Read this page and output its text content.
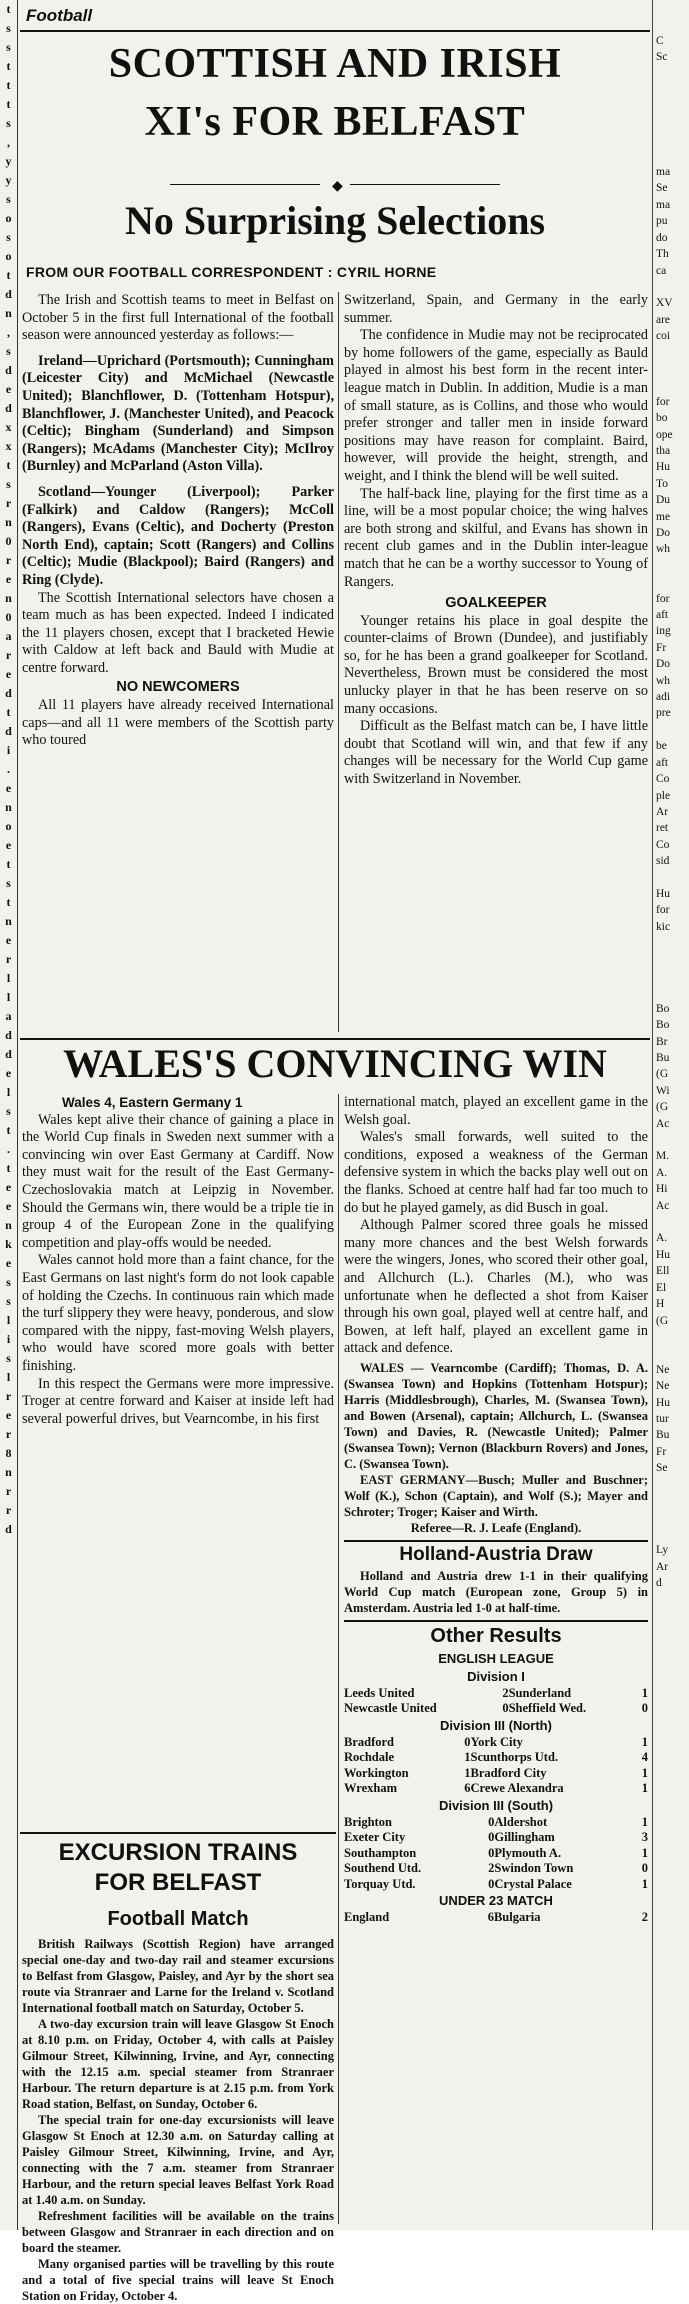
t
s
s
t
t
t
s
,
y
y
s
o
s
o
t
d
n
,
s
d
e
d
x
x
t
s
r
n
0
r
e
n
0
a
r
e
d
t
d
i
.
e
n
o
e
t
s
t
n
e
r
l
l
a
d
d
e
l
s
t
.
t
e
e
n
k
e
s
s
l
i
s
l
r
e
r
8
n
r
r
d

C
Sc

ma
Se
ma
pu
do
Th
ca

XV
are
coi

for
bo
ope
tha
Hu
To
Du
me
Do
wh

for
aft
ing
Fr
Do
wh
adi
pre

be
aft
Co
ple
Ar
ret
Co
sid

Hu
for
kic

Bo
Bo
Br
Bu
(G
Wi
(G
Ac

M.
A.
Hi
Ac

A.
Hu
Ell
El
H
(G

Ne
Ne
Hu
tur
Bu
Fr
Se

Ly
Ar
d
Football
SCOTTISH AND IRISH
XI's FOR BELFAST
◆
No Surprising Selections
FROM OUR FOOTBALL CORRESPONDENT : CYRIL HORNE

The Irish and Scottish teams to meet in Belfast on October 5 in the first full International of the football season were announced yesterday as follows:—

Ireland—Uprichard (Portsmouth); Cunningham (Leicester City) and McMichael (Newcastle United); Blanchflower, D. (Tottenham Hotspur), Blanchflower, J. (Manchester United), and Peacock (Celtic); Bingham (Sunderland) and Simpson (Rangers); McAdams (Manchester City); McIlroy (Burnley) and McParland (Aston Villa).

Scotland—Younger (Liverpool); Parker (Falkirk) and Caldow (Rangers); McColl (Rangers), Evans (Celtic), and Docherty (Preston North End), captain; Scott (Rangers) and Collins (Celtic); Mudie (Blackpool); Baird (Rangers) and Ring (Clyde).

The Scottish International selectors have chosen a team much as has been expected. Indeed I indicated the 11 players chosen, except that I bracketed Hewie with Caldow at left back and Bauld with Mudie at centre forward.

NO NEWCOMERS

All 11 players have already received International caps—and all 11 were members of the Scottish party who toured

Switzerland, Spain, and Germany in the early summer.

The confidence in Mudie may not be reciprocated by home followers of the game, especially as Bauld played in almost his best form in the recent inter-league match in Dublin. In addition, Mudie is a man of small stature, as is Collins, and those who would prefer stronger and taller men in inside forward positions may have reason for complaint. Baird, however, will provide the height, strength, and weight, and I think the blend will be well suited.

The half-back line, playing for the first time as a line, will be a most popular choice; the wing halves are both strong and skilful, and Evans has shown in recent club games and in the Dublin inter-league match that he can be a worthy successor to Young of Rangers.

GOALKEEPER

Younger retains his place in goal despite the counter-claims of Brown (Dundee), and justifiably so, for he has been a grand goalkeeper for Scotland. Nevertheless, Brown must be considered the most unlucky player in that he has been reserve on so many occasions.

Difficult as the Belfast match can be, I have little doubt that Scotland will win, and that few if any changes will be necessary for the World Cup game with Switzerland in November.

WALES'S CONVINCING WIN

Wales 4, Eastern Germany 1

Wales kept alive their chance of gaining a place in the World Cup finals in Sweden next summer with a convincing win over East Germany at Cardiff. Now they must wait for the result of the East Germany-Czechoslovakia match at Leipzig in November. Should the Germans win, there would be a triple tie in group 4 of the European Zone in the qualifying competition and play-offs would be needed.

Wales cannot hold more than a faint chance, for the East Germans on last night's form do not look capable of holding the Czechs. In continuous rain which made the turf slippery they were heavy, ponderous, and slow compared with the nippy, fast-moving Welsh players, who would have scored more goals with better finishing.

In this respect the Germans were more impressive. Troger at centre forward and Kaiser at inside left had several powerful drives, but Vearncombe, in his first

international match, played an excellent game in the Welsh goal.

Wales's small forwards, well suited to the conditions, exposed a weakness of the German defensive system in which the backs play well out on the flanks. Schoed at centre half had far too much to do but he played gamely, as did Busch in goal.

Although Palmer scored three goals he missed many more chances and the best Welsh forwards were the wingers, Jones, who scored their other goal, and Allchurch (L.). Charles (M.), who was unfortunate when he deflected a shot from Kaiser through his own goal, played well at centre half, and Bowen, at left half, played an excellent game in attack and defence.

WALES — Vearncombe (Cardiff); Thomas, D. A. (Swansea Town) and Hopkins (Tottenham Hotspur); Harris (Middlesbrough), Charles, M. (Swansea Town), and Bowen (Arsenal), captain; Allchurch, L. (Swansea Town) and Davies, R. (Newcastle United); Palmer (Swansea Town); Vernon (Blackburn Rovers) and Jones, C. (Swansea Town).

EAST GERMANY—Busch; Muller and Buschner; Wolf (K.), Schon (Captain), and Wolf (S.); Mayer and Schroter; Troger; Kaiser and Wirth.

Referee—R. J. Leafe (England).

Holland-Austria Draw

Holland and Austria drew 1-1 in their qualifying World Cup match (European zone, Group 5) in Amsterdam. Austria led 1-0 at half-time.

Other Results

ENGLISH LEAGUE

Division I
Leeds United	2	Sunderland	1
Newcastle United	0	Sheffield Wed.	0
Division III (North)
Bradford	0	York City	1
Rochdale	1	Scunthorps Utd.	4
Workington	1	Bradford City	1
Wrexham	6	Crewe Alexandra	1
Division III (South)
Brighton	0	Aldershot	1
Exeter City	0	Gillingham	3
Southampton	0	Plymouth A.	1
Southend Utd.	2	Swindon Town	0
Torquay Utd.	0	Crystal Palace	1
UNDER 23 MATCH
England	6	Bulgaria	2
EXCURSION TRAINS
FOR BELFAST
Football Match

British Railways (Scottish Region) have arranged special one-day and two-day rail and steamer excursions to Belfast from Glasgow, Paisley, and Ayr by the short sea route via Stranraer and Larne for the Ireland v. Scotland International football match on Saturday, October 5.

A two-day excursion train will leave Glasgow St Enoch at 8.10 p.m. on Friday, October 4, with calls at Paisley Gilmour Street, Kilwinning, Irvine, and Ayr, connecting with the 12.15 a.m. special steamer from Stranraer Harbour. The return departure is at 2.15 p.m. from York Road station, Belfast, on Sunday, October 6.

The special train for one-day excursionists will leave Glasgow St Enoch at 12.30 a.m. on Saturday calling at Paisley Gilmour Street, Kilwinning, Irvine, and Ayr, connecting with the 7 a.m. steamer from Stranraer Harbour, and the return special leaves Belfast York Road at 1.40 a.m. on Sunday.

Refreshment facilities will be available on the trains between Glasgow and Stranraer in each direction and on board the steamer.

Many organised parties will be travelling by this route and a total of five special trains will leave St Enoch Station on Friday, October 4.
